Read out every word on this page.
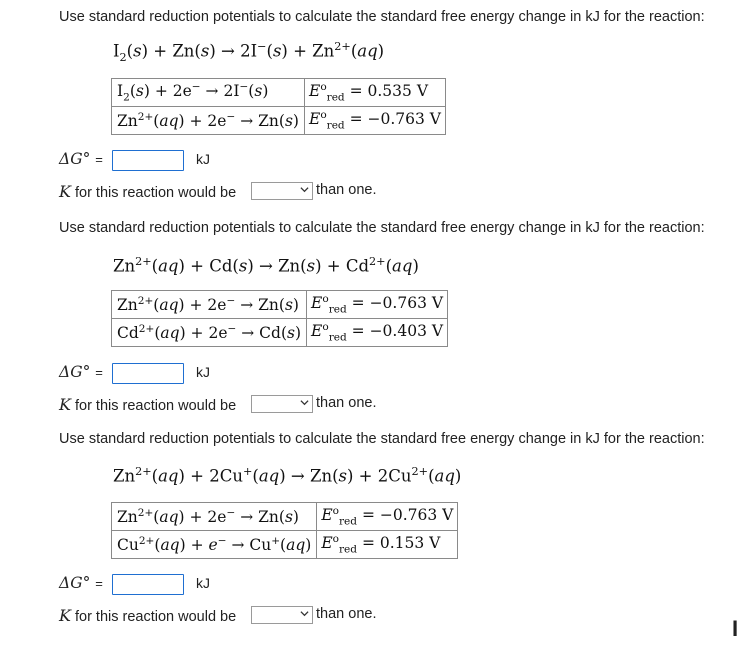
Use standard reduction potentials to calculate the standard free energy change in kJ for the reaction:
$I_2(s) + Zn(s) \to 2I^-(s) + Zn^{2+}(aq)$
$I_2(s) + 2e^- \to 2I^-(s)$	$E^o_{red} = 0.535$ V
$Zn^{2+}(aq) + 2e^- \to Zn(s)$	$E^o_{red} = -0.763$ V
ΔG° =	kJ
K for this reaction would be	than one.
Use standard reduction potentials to calculate the standard free energy change in kJ for the reaction:
$Zn^{2+}(aq) + Cd(s) \to Zn(s) + Cd^{2+}(aq)$
$Zn^{2+}(aq) + 2e^- \to Zn(s)$	$E^o_{red} = -0.763$ V
$Cd^{2+}(aq) + 2e^- \to Cd(s)$	$E^o_{red} = -0.403$ V
ΔG° =	kJ
K for this reaction would be	than one.
Use standard reduction potentials to calculate the standard free energy change in kJ for the reaction:
$Zn^{2+}(aq) + 2Cu^+(aq) \to Zn(s) + 2Cu^{2+}(aq)$
$Zn^{2+}(aq) + 2e^- \to Zn(s)$	$E^o_{red} = -0.763$ V
$Cu^{2+}(aq) + e^- \to Cu^+(aq)$	$E^o_{red} = 0.153$ V
ΔG° =	kJ
K for this reaction would be	than one.
I
